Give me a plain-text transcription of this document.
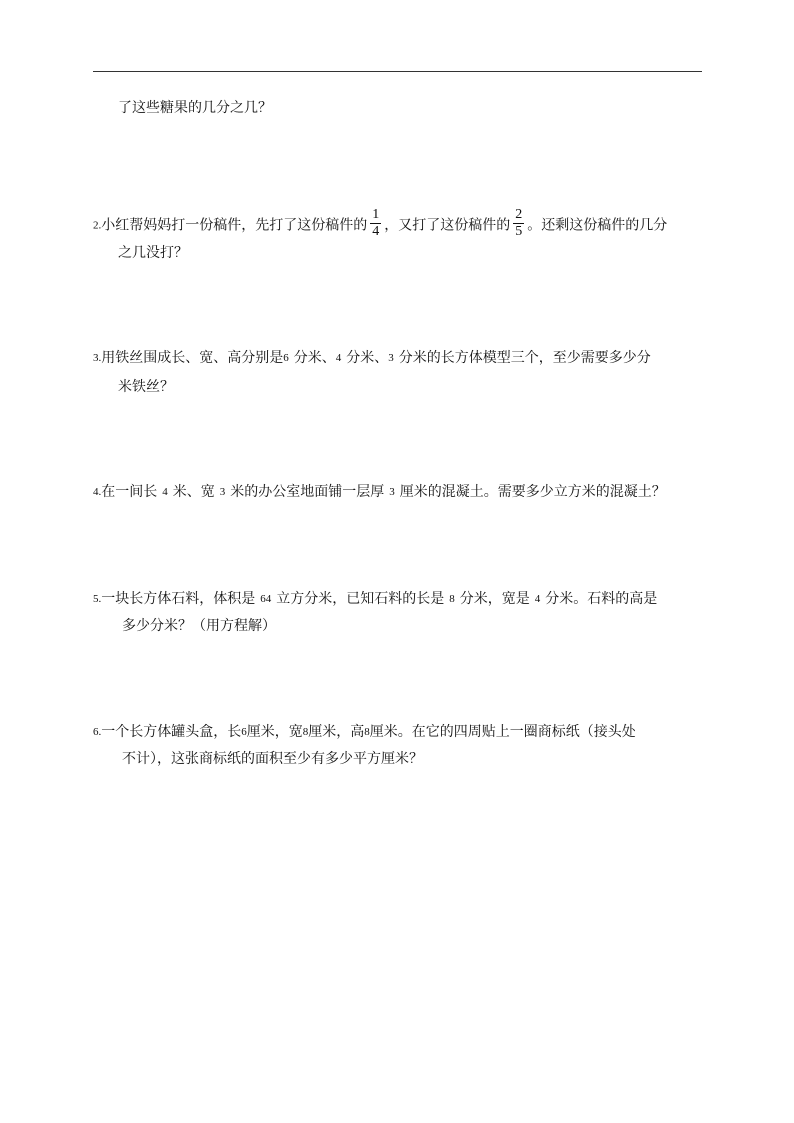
了这些糖果的几分之几？
2.小红帮妈妈打一份稿件，先打了这份稿件的 $\frac{1}{4}$ ，又打了这份稿件的 $\frac{2}{5}$ 。还剩这份稿件的几分
之几没打？
3.用铁丝围成长、宽、高分别是6 分米、4 分米、3 分米的长方体模型三个，至少需要多少分
米铁丝？
4.在一间长 4 米、宽 3 米的办公室地面铺一层厚 3 厘米的混凝土。需要多少立方米的混凝土？
5.一块长方体石料，体积是 64 立方分米，已知石料的长是 8 分米，宽是 4 分米。石料的高是
多少分米？（用方程解）
6.一个长方体罐头盒，长6厘米，宽8厘米，高8厘米。在它的四周贴上一圈商标纸（接头处
不计），这张商标纸的面积至少有多少平方厘米？
